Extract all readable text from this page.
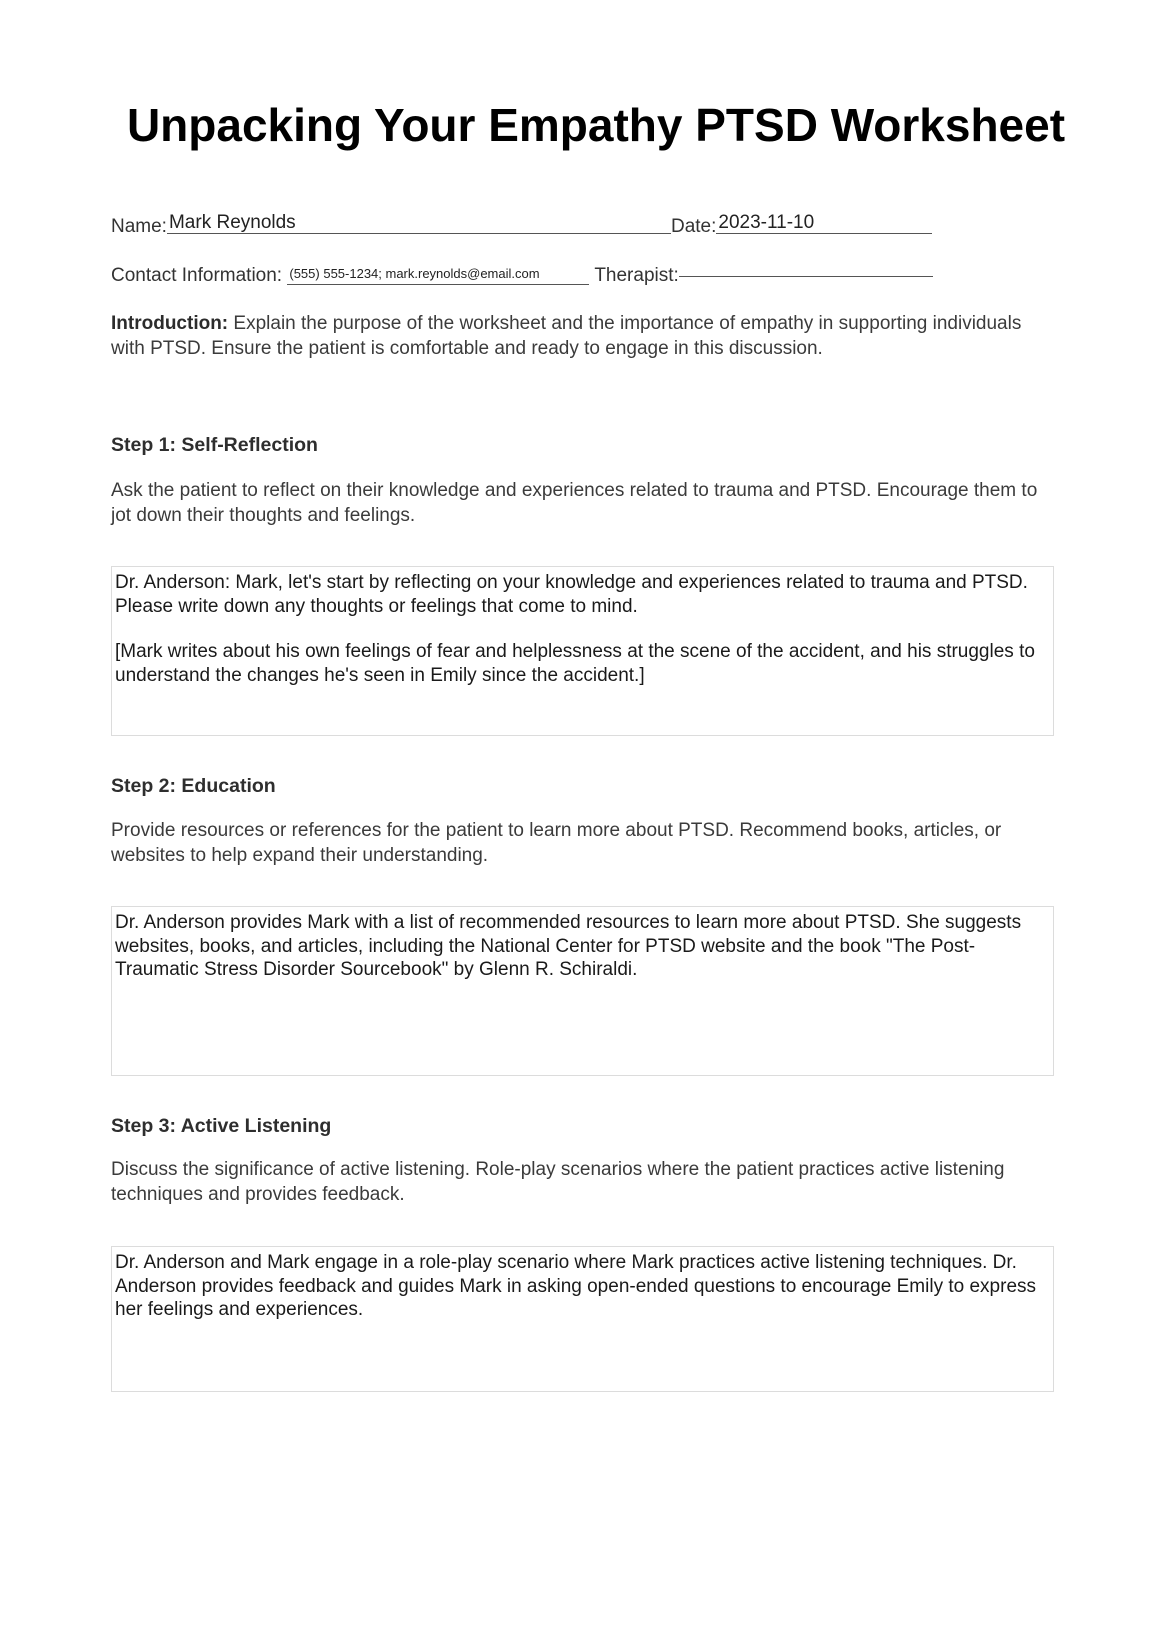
Unpacking Your Empathy PTSD Worksheet
Name: Mark Reynolds	Date: 2023-11-10
Contact Information: (555) 555-1234; mark.reynolds@email.com	Therapist:
Introduction: Explain the purpose of the worksheet and the importance of empathy in supporting individuals with PTSD. Ensure the patient is comfortable and ready to engage in this discussion.
Step 1: Self-Reflection
Ask the patient to reflect on their knowledge and experiences related to trauma and PTSD. Encourage them to jot down their thoughts and feelings.

Dr. Anderson: Mark, let's start by reflecting on your knowledge and experiences related to trauma and PTSD. Please write down any thoughts or feelings that come to mind.

[Mark writes about his own feelings of fear and helplessness at the scene of the accident, and his struggles to understand the changes he's seen in Emily since the accident.]

Step 2: Education
Provide resources or references for the patient to learn more about PTSD. Recommend books, articles, or websites to help expand their understanding.

Dr. Anderson provides Mark with a list of recommended resources to learn more about PTSD. She suggests websites, books, and articles, including the National Center for PTSD website and the book "The Post-Traumatic Stress Disorder Sourcebook" by Glenn R. Schiraldi.

Step 3: Active Listening
Discuss the significance of active listening. Role-play scenarios where the patient practices active listening techniques and provides feedback.

Dr. Anderson and Mark engage in a role-play scenario where Mark practices active listening techniques. Dr. Anderson provides feedback and guides Mark in asking open-ended questions to encourage Emily to express her feelings and experiences.
